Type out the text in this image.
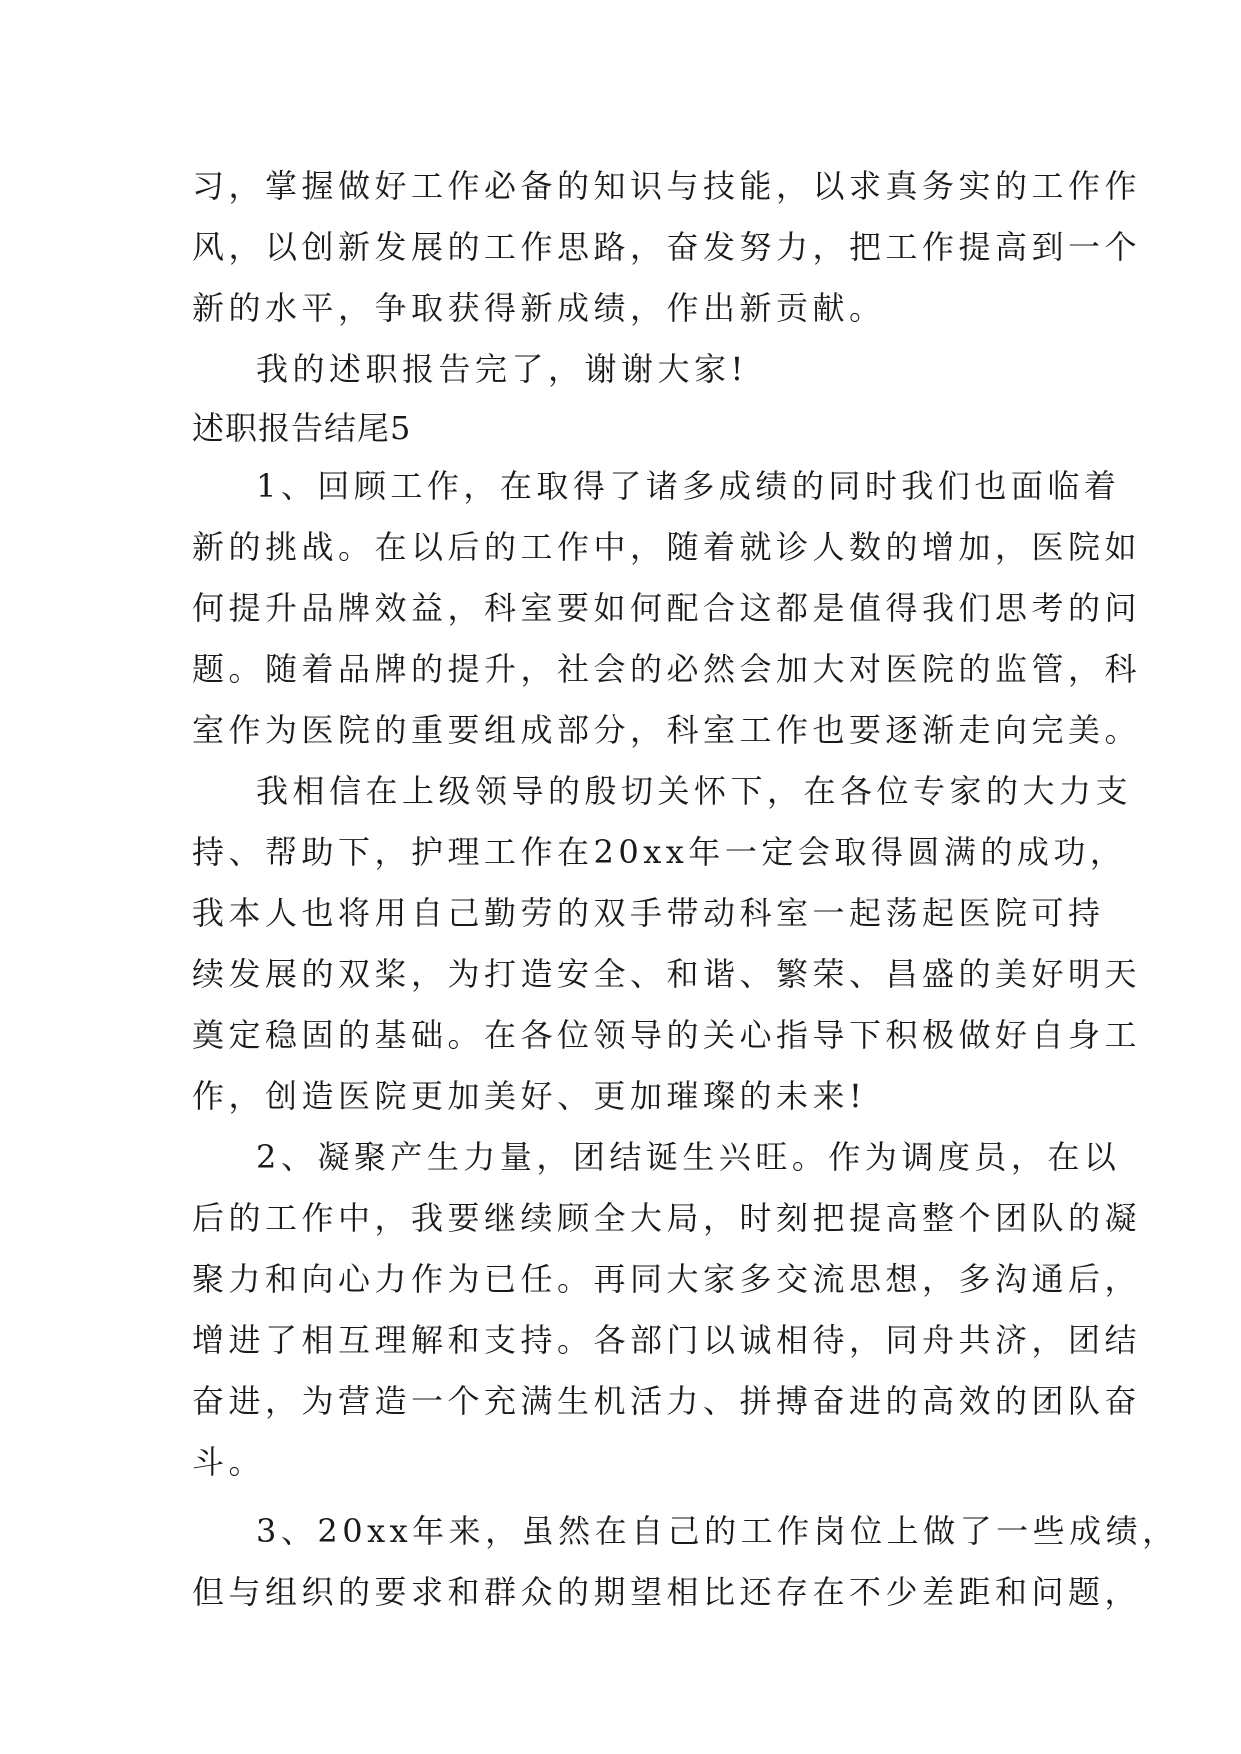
习，掌握做好工作必备的知识与技能，以求真务实的工作作
风，以创新发展的工作思路，奋发努力，把工作提高到一个
新的水平，争取获得新成绩，作出新贡献。
我的述职报告完了，谢谢大家!
述职报告结尾5
1、回顾工作，在取得了诸多成绩的同时我们也面临着
新的挑战。在以后的工作中，随着就诊人数的增加，医院如
何提升品牌效益，科室要如何配合这都是值得我们思考的问
题。随着品牌的提升，社会的必然会加大对医院的监管，科
室作为医院的重要组成部分，科室工作也要逐渐走向完美。
我相信在上级领导的殷切关怀下，在各位专家的大力支
持、帮助下，护理工作在20xx年一定会取得圆满的成功，
我本人也将用自己勤劳的双手带动科室一起荡起医院可持
续发展的双桨，为打造安全、和谐、繁荣、昌盛的美好明天
奠定稳固的基础。在各位领导的关心指导下积极做好自身工
作，创造医院更加美好、更加璀璨的未来!
2、凝聚产生力量，团结诞生兴旺。作为调度员，在以
后的工作中，我要继续顾全大局，时刻把提高整个团队的凝
聚力和向心力作为已任。再同大家多交流思想，多沟通后，
增进了相互理解和支持。各部门以诚相待，同舟共济，团结
奋进，为营造一个充满生机活力、拼搏奋进的高效的团队奋
斗。
3、20xx年来，虽然在自己的工作岗位上做了一些成绩，
但与组织的要求和群众的期望相比还存在不少差距和问题，
